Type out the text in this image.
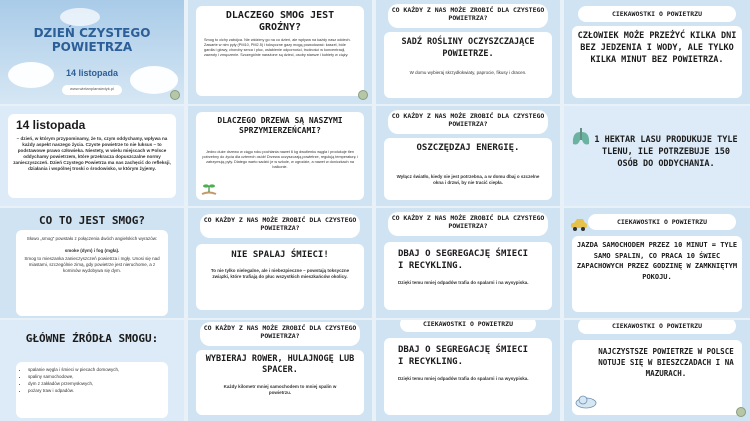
DZIEŃ CZYSTEGO POWIETRZA
14 listopada
www.wielanplansiedyk.pl
14 listopada
– dzień, w którym przypominamy, że to, czym oddychamy, wpływa na każdy aspekt naszego życia. Czyste powietrze to nie luksus – to podstawowe prawo człowieka. Niestety, w wielu miejscach w Polsce oddychamy powietrzem, które przekracza dopuszczalne normy zanieczyszczeń. Dzień Czystego Powietrza ma nas zachęcić do refleksji, działania i wspólnej troski o środowisko, w którym żyjemy.
CO TO JEST SMOG?
Słowo „smog” powstało z połączenia dwóch angielskich wyrazów:
smoke (dym) i fog (mgła).
Smog to mieszanka zanieczyszczeń powietrza i mgły. Unosi się nad miastami, szczególnie zimą, gdy powietrze jest nieruchome, a z kominów wydobywa się dym.
GŁÓWNE ŹRÓDŁA SMOGU:
• spalanie węgla i śmieci w piecach domowych,
• spaliny samochodowe,
• dym z zakładów przemysłowych,
• pożary traw i odpadów.
DLACZEGO SMOG JEST GROŹNY?
Smog to cichy zabójca. Nie widzimy go na co dzień, ale wpływa na każdy nasz oddech. Zawarte w nim pyły (PM10, PM2.5) i toksyczne gazy mogą powodować: kaszel, bóle gardła i głowy, choroby serca i płuc, osłabienie odporności, trudności w koncentracji, zawroty i zmęczenie. Szczególnie narażone są dzieci, osoby starsze i kobiety w ciąży.
DLACZEGO DRZEWA SĄ NASZYMI SPRZYMIERZEŃCAMI?
Jedno duże drzewo w ciągu roku pochłania nawet 6 kg dwutlenku węgla i produkuje tlen potrzebny do życia dla czterech osób! Drzewa oczyszczają powietrze, regulują temperaturę i zatrzymują pyły. Dlatego warto sadzić je w szkole, w ogrodzie, a nawet w doniczkach na balkonie.
CO KAŻDY Z NAS MOŻE ZROBIĆ DLA CZYSTEGO POWIETRZA?
NIE SPALAJ ŚMIECI!
To nie tylko nielegalne, ale i niebezpieczne – powstają toksyczne związki, które trafiają do płuc wszystkich mieszkańców okolicy.
CO KAŻDY Z NAS MOŻE ZROBIĆ DLA CZYSTEGO POWIETRZA?
WYBIERAJ ROWER, HULAJNOGĘ LUB SPACER.
Każdy kilometr mniej samochodem to mniej spalin w powietrzu.
CO KAŻDY Z NAS MOŻE ZROBIĆ DLA CZYSTEGO POWIETRZA?
SADŹ ROŚLINY OCZYSZCZAJĄCE POWIETRZE.
W domu wybieraj skrzydłokwiaty, paprocie, fikusy i dracen.
CO KAŻDY Z NAS MOŻE ZROBIĆ DLA CZYSTEGO POWIETRZA?
OSZCZĘDZAJ ENERGIĘ.
Wyłącz światło, kiedy nie jest potrzebna, a w domu dbaj o szczelne okna i drzwi, by nie tracić ciepła.
CO KAŻDY Z NAS MOŻE ZROBIĆ DLA CZYSTEGO POWIETRZA?
DBAJ O SEGREGACJĘ ŚMIECI I RECYKLING.
Dzięki temu mniej odpadów trafia do spalarni i na wysypiska.
CIEKAWOSTKI O POWIETRZU
DBAJ O SEGREGACJĘ ŚMIECI I RECYKLING.
Dzięki temu mniej odpadów trafia do spalarni i na wysypiska.
CIEKAWOSTKI O POWIETRZU
CZŁOWIEK MOŻE PRZEŻYĆ KILKA DNI BEZ JEDZENIA I WODY, ALE TYLKO KILKA MINUT BEZ POWIETRZA.
1 HEKTAR LASU PRODUKUJE TYLE TLENU, ILE POTRZEBUJE 150 OSÓB DO ODDYCHANIA.
CIEKAWOSTKI O POWIETRZU
JAZDA SAMOCHODEM PRZEZ 10 MINUT = TYLE SAMO SPALIN, CO PRACA 10 ŚWIEC ZAPACHOWYCH PRZEZ GODZINĘ W ZAMKNIĘTYM POKOJU.
CIEKAWOSTKI O POWIETRZU
NAJCZYSTSZE POWIETRZE W POLSCE NOTUJE SIĘ W BIESZCZADACH I NA MAZURACH.
